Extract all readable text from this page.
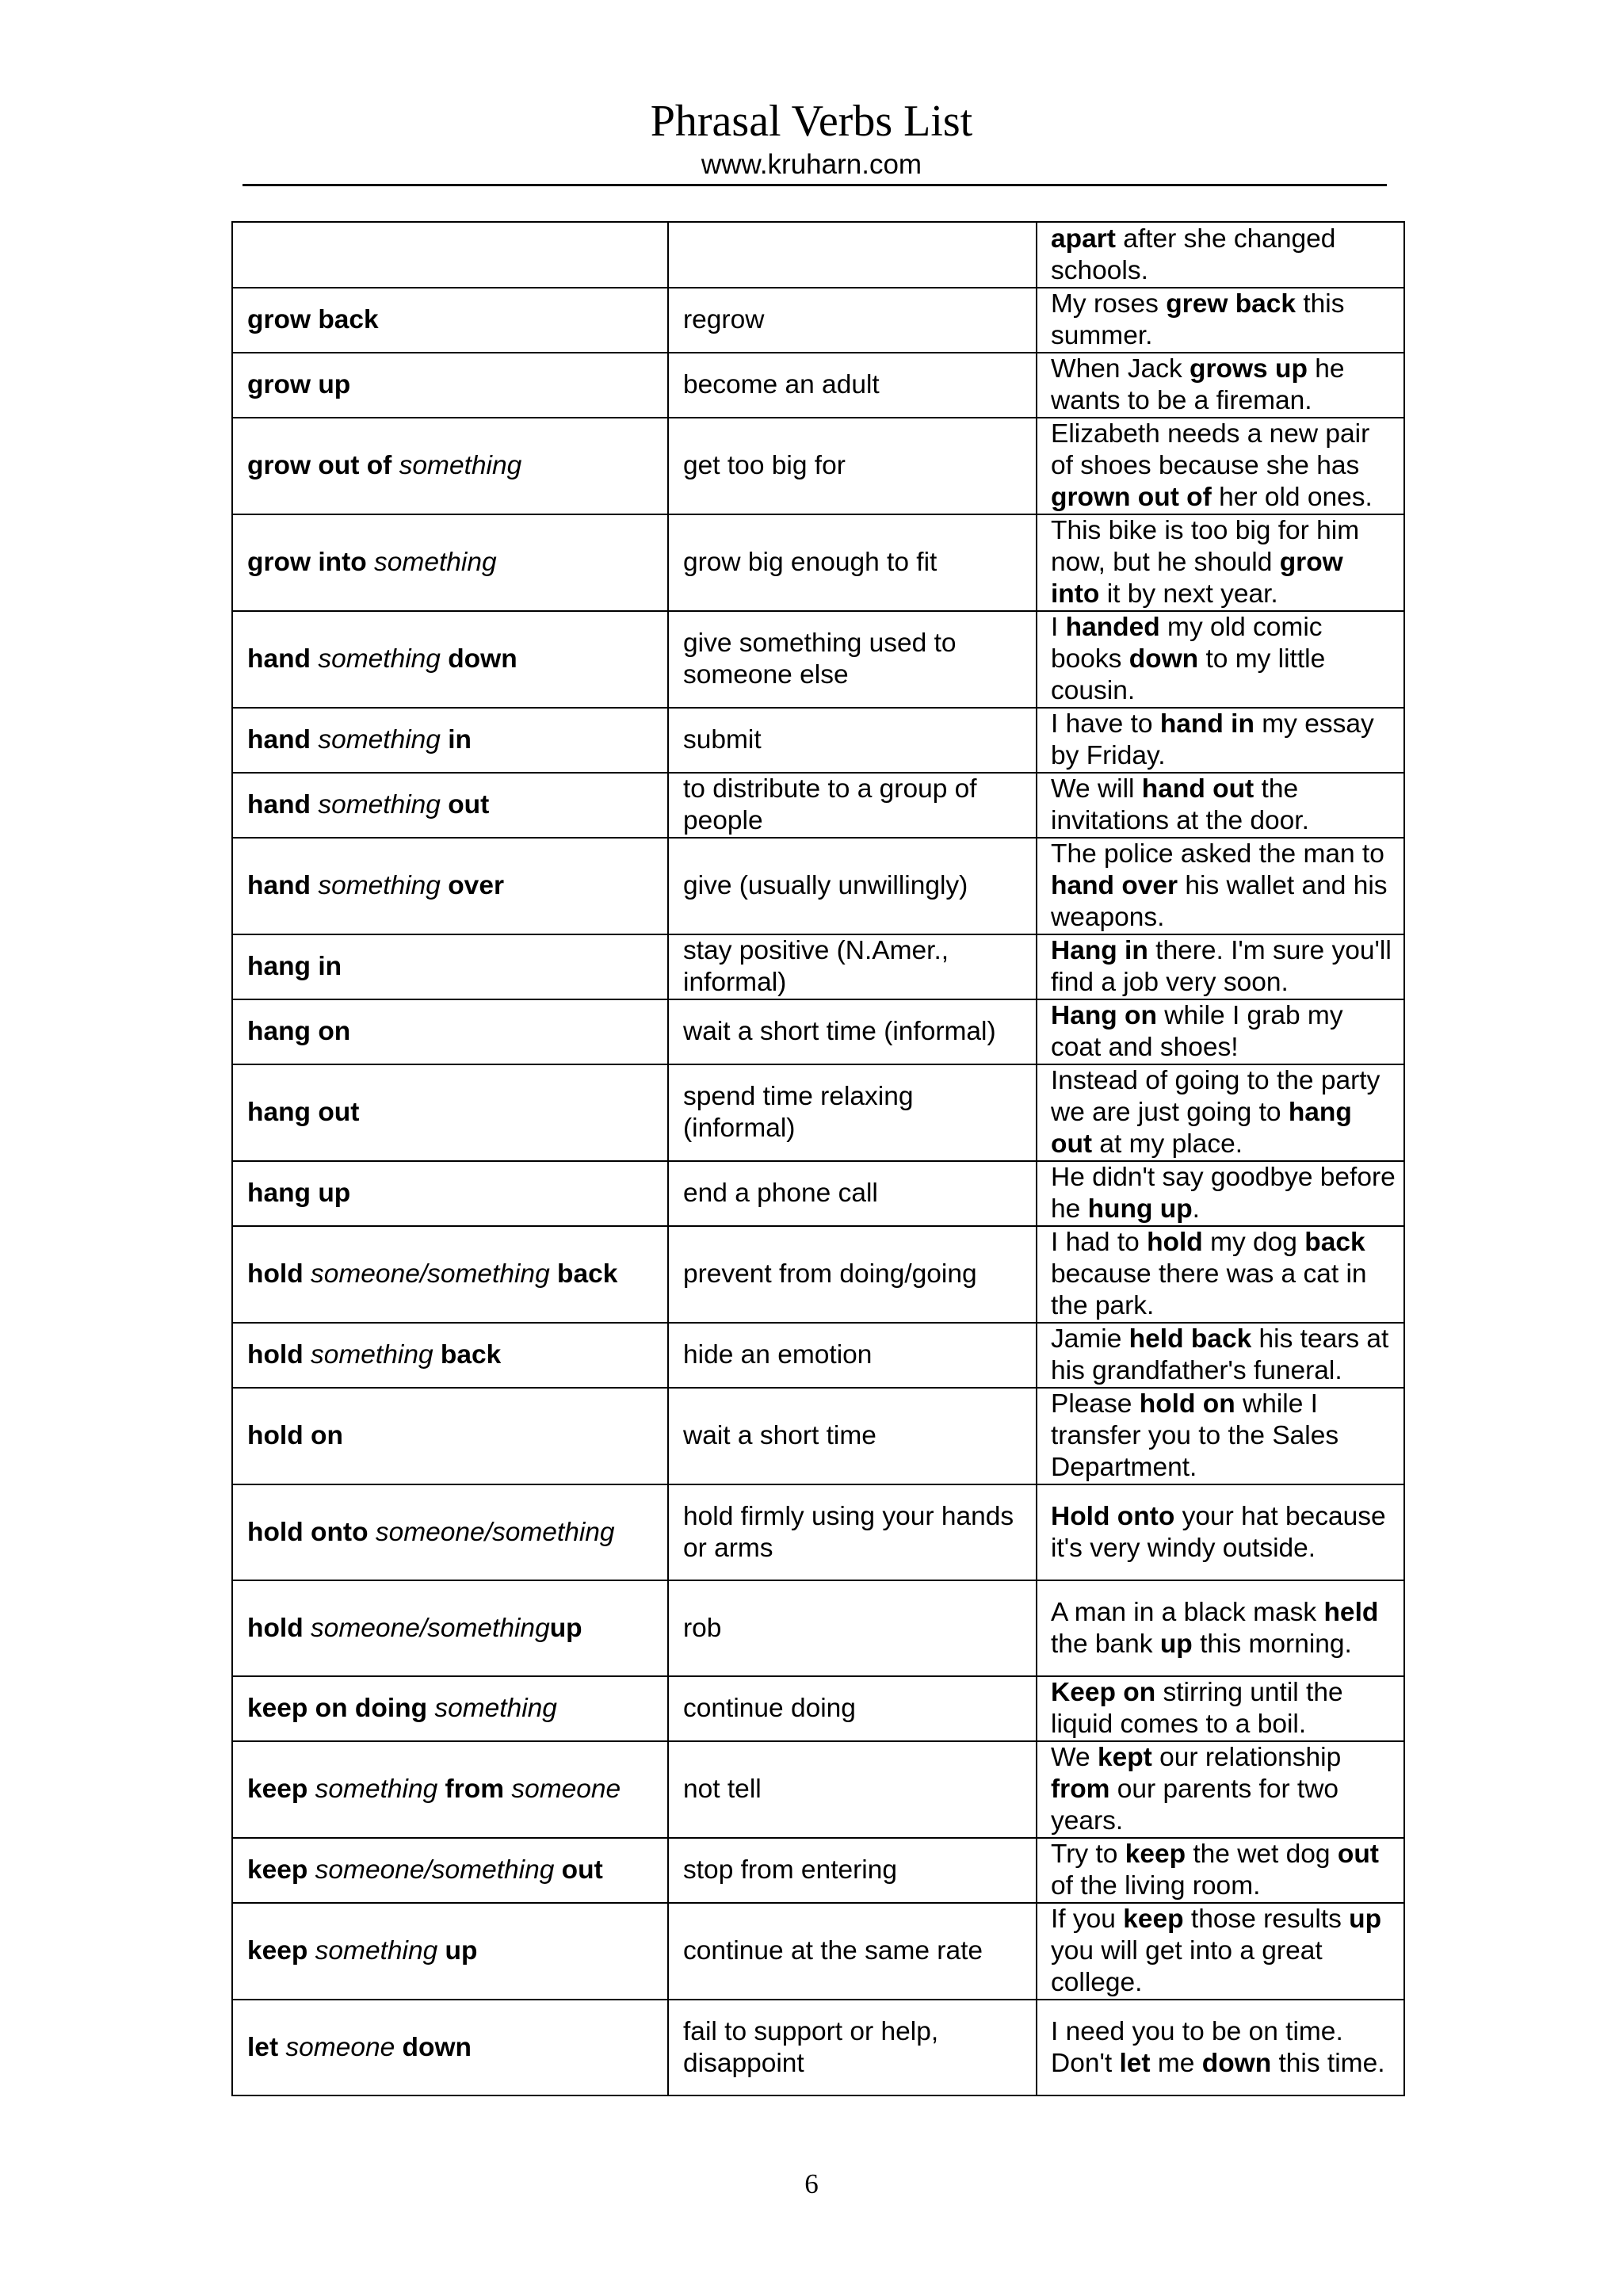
Phrasal Verbs List
www.kruharn.com
		apart after she changed schools.
grow back	regrow	My roses grew back this summer.
grow up	become an adult	When Jack grows up he wants to be a fireman.
grow out of something	get too big for	Elizabeth needs a new pair of shoes because she has grown out of her old ones.
grow into something	grow big enough to fit	This bike is too big for him now, but he should grow into it by next year.
hand something down	give something used to someone else	I handed my old comic books down to my little cousin.
hand something in	submit	I have to hand in my essay by Friday.
hand something out	to distribute to a group of people	We will hand out the invitations at the door.
hand something over	give (usually unwillingly)	The police asked the man to hand over his wallet and his weapons.
hang in	stay positive (N.Amer., informal)	Hang in there. I'm sure you'll find a job very soon.
hang on	wait a short time (informal)	Hang on while I grab my coat and shoes!
hang out	spend time relaxing (informal)	Instead of going to the party we are just going to hang out at my place.
hang up	end a phone call	He didn't say goodbye before he hung up.
hold someone/something back	prevent from doing/going	I had to hold my dog back because there was a cat in the park.
hold something back	hide an emotion	Jamie held back his tears at his grandfather's funeral.
hold on	wait a short time	Please hold on while I transfer you to the Sales Department.
hold onto someone/something	hold firmly using your hands or arms	Hold onto your hat because it's very windy outside.
hold someone/somethingup	rob	A man in a black mask held the bank up this morning.
keep on doing something	continue doing	Keep on stirring until the liquid comes to a boil.
keep something from someone	not tell	We kept our relationship from our parents for two years.
keep someone/something out	stop from entering	Try to keep the wet dog out of the living room.
keep something up	continue at the same rate	If you keep those results up you will get into a great college.
let someone down	fail to support or help, disappoint	I need you to be on time. Don't let me down this time.
6
